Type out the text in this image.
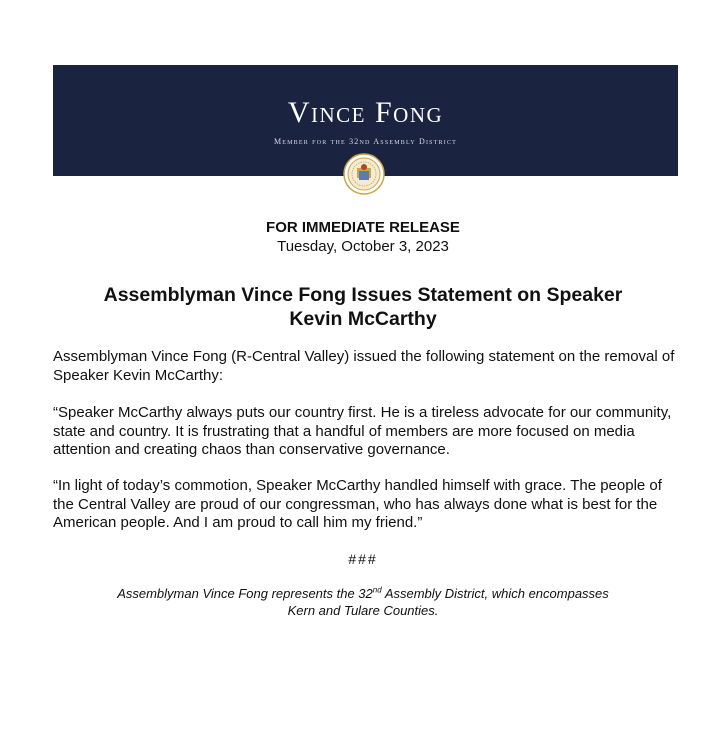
Vince Fong
Member for the 32nd Assembly District
FOR IMMEDIATE RELEASE
Tuesday, October 3, 2023
Assemblyman Vince Fong Issues Statement on Speaker
Kevin McCarthy
Assemblyman Vince Fong (R-Central Valley) issued the following statement on the removal of Speaker Kevin McCarthy:
“Speaker McCarthy always puts our country first. He is a tireless advocate for our community, state and country. It is frustrating that a handful of members are more focused on media attention and creating chaos than conservative governance.
“In light of today’s commotion, Speaker McCarthy handled himself with grace. The people of the Central Valley are proud of our congressman, who has always done what is best for the American people. And I am proud to call him my friend.”
###
Assemblyman Vince Fong represents the 32nd Assembly District, which encompasses
Kern and Tulare Counties.
